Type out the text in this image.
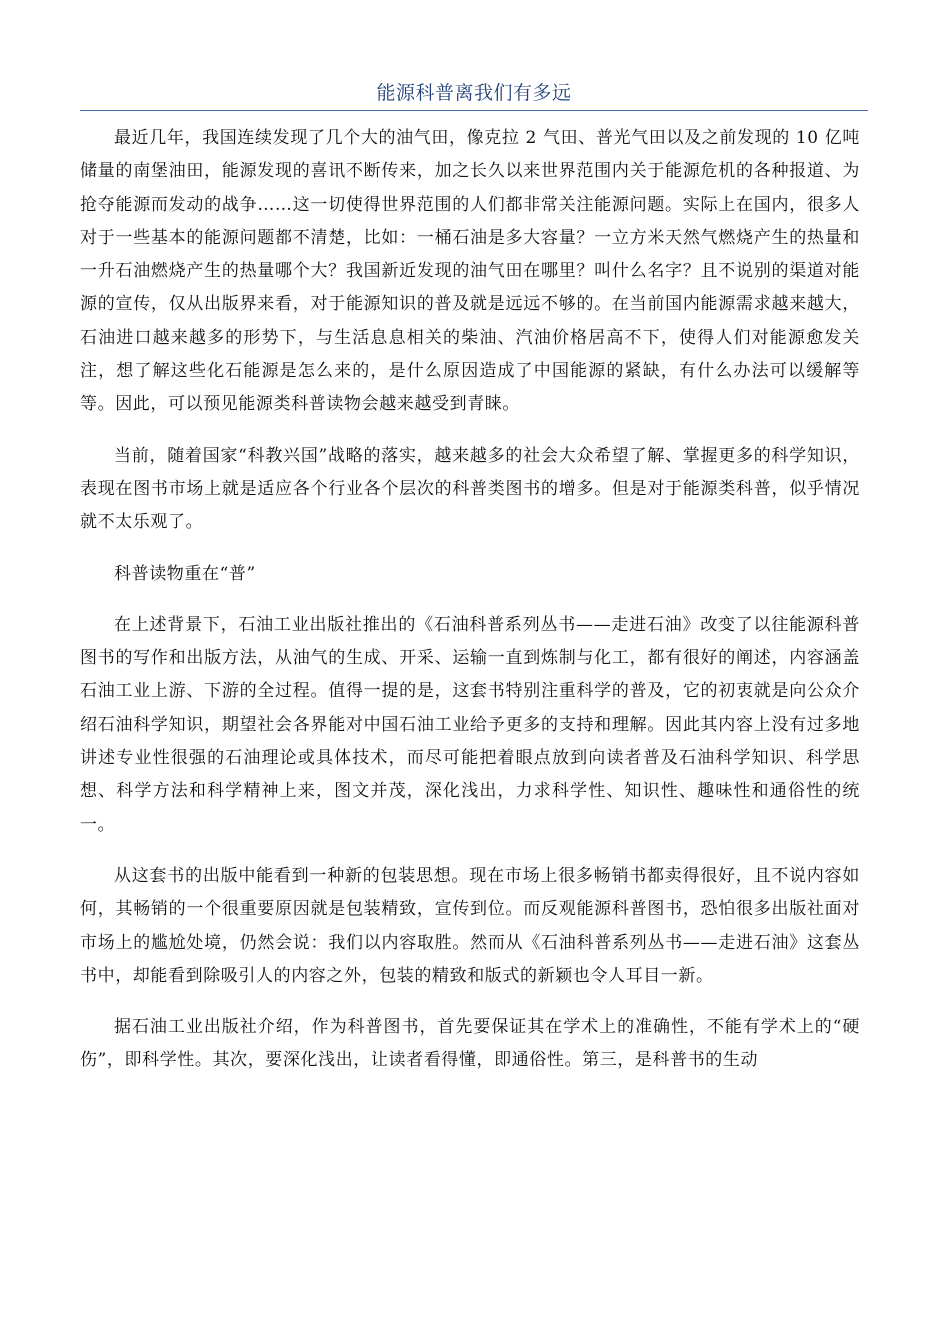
能源科普离我们有多远

最近几年，我国连续发现了几个大的油气田，像克拉 2 气田、普光气田以及之前发现的 10 亿吨储量的南堡油田，能源发现的喜讯不断传来，加之长久以来世界范围内关于能源危机的各种报道、为抢夺能源而发动的战争……这一切使得世界范围的人们都非常关注能源问题。实际上在国内，很多人对于一些基本的能源问题都不清楚，比如：一桶石油是多大容量？一立方米天然气燃烧产生的热量和一升石油燃烧产生的热量哪个大？我国新近发现的油气田在哪里？叫什么名字？且不说别的渠道对能源的宣传，仅从出版界来看，对于能源知识的普及就是远远不够的。在当前国内能源需求越来越大，石油进口越来越多的形势下，与生活息息相关的柴油、汽油价格居高不下，使得人们对能源愈发关注，想了解这些化石能源是怎么来的，是什么原因造成了中国能源的紧缺，有什么办法可以缓解等等。因此，可以预见能源类科普读物会越来越受到青睐。

当前，随着国家“科教兴国”战略的落实，越来越多的社会大众希望了解、掌握更多的科学知识，表现在图书市场上就是适应各个行业各个层次的科普类图书的增多。但是对于能源类科普，似乎情况就不太乐观了。

科普读物重在“普”

在上述背景下，石油工业出版社推出的《石油科普系列丛书——走进石油》改变了以往能源科普图书的写作和出版方法，从油气的生成、开采、运输一直到炼制与化工，都有很好的阐述，内容涵盖石油工业上游、下游的全过程。值得一提的是，这套书特别注重科学的普及，它的初衷就是向公众介绍石油科学知识，期望社会各界能对中国石油工业给予更多的支持和理解。因此其内容上没有过多地讲述专业性很强的石油理论或具体技术，而尽可能把着眼点放到向读者普及石油科学知识、科学思想、科学方法和科学精神上来，图文并茂，深化浅出，力求科学性、知识性、趣味性和通俗性的统一。

从这套书的出版中能看到一种新的包装思想。现在市场上很多畅销书都卖得很好，且不说内容如何，其畅销的一个很重要原因就是包装精致，宣传到位。而反观能源科普图书，恐怕很多出版社面对市场上的尴尬处境，仍然会说：我们以内容取胜。然而从《石油科普系列丛书——走进石油》这套丛书中，却能看到除吸引人的内容之外，包装的精致和版式的新颖也令人耳目一新。

据石油工业出版社介绍，作为科普图书，首先要保证其在学术上的准确性，不能有学术上的“硬伤”，即科学性。其次，要深化浅出，让读者看得懂，即通俗性。第三，是科普书的生动
